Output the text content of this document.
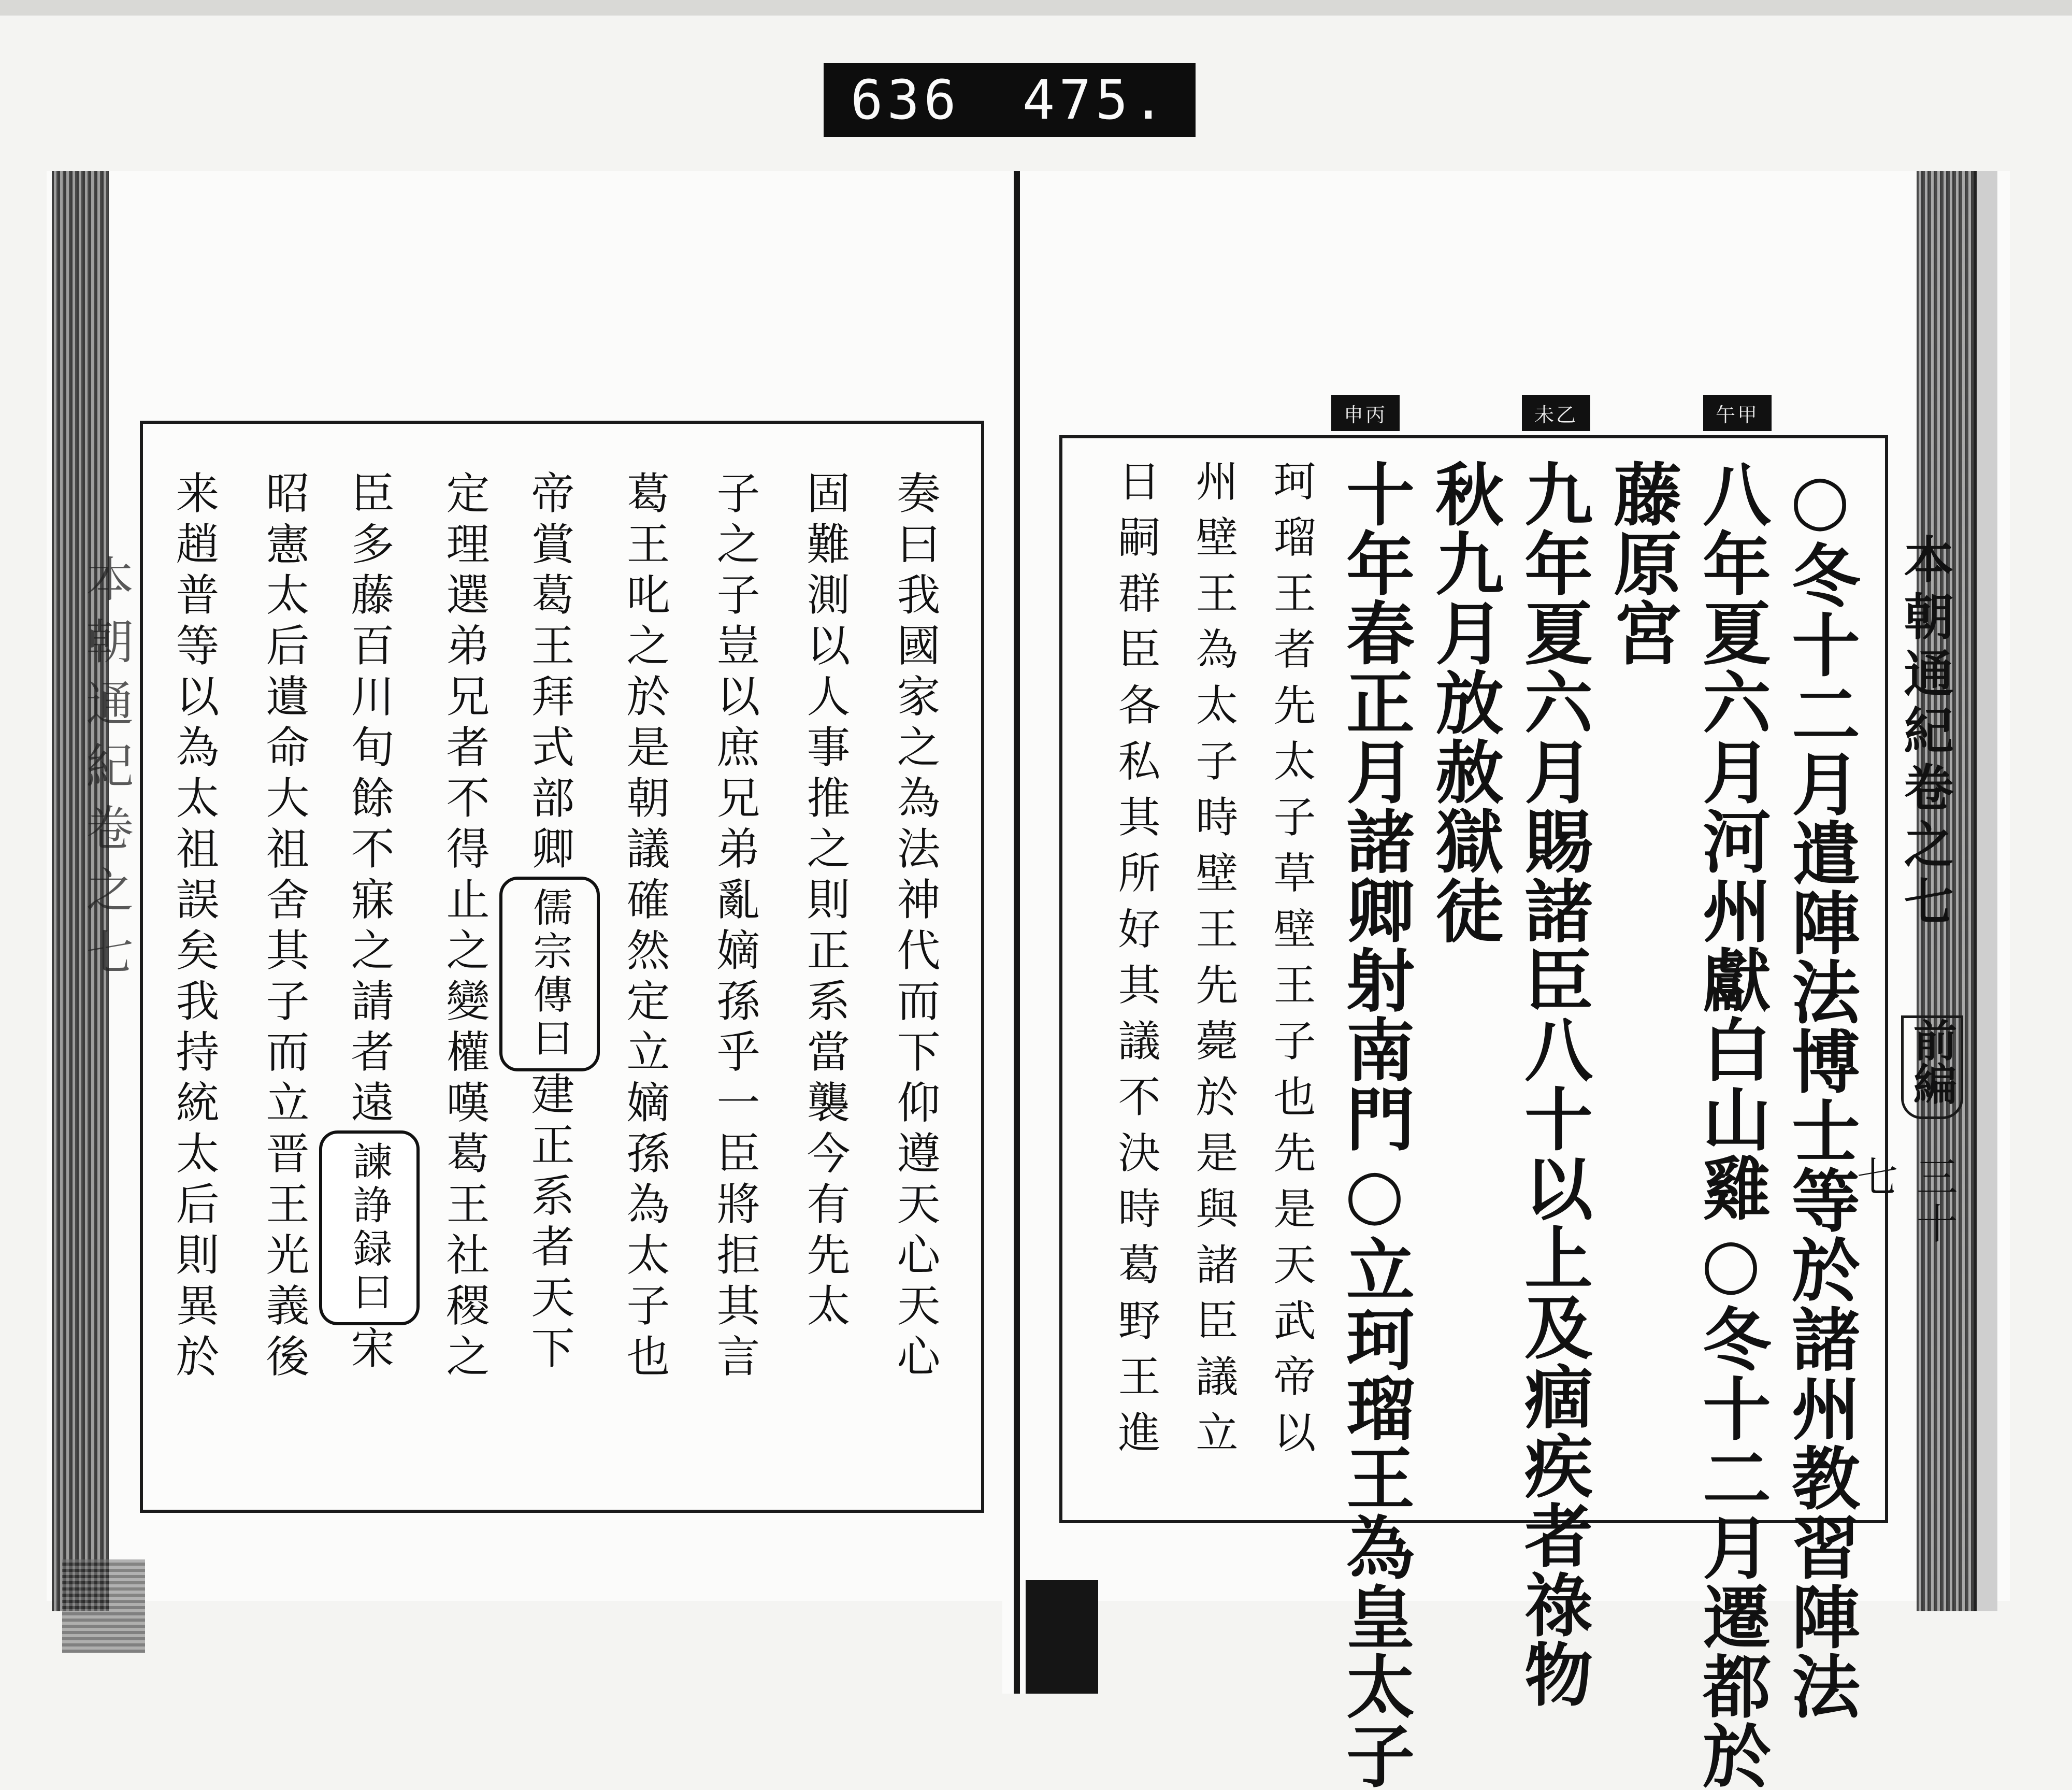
636 475.
本朝通紀卷之七	奏曰我國家之為法神代而下仰遵天心天心
固難測以人事推之則正系當襲今有先太
子之子豈以庶兄弟亂嫡孫乎一臣將拒其言
葛王叱之於是朝議確然定立嫡孫為太子也
帝賞葛王拜式部卿儒宗傳曰建正系者天下
定理選弟兄者不得止之變權嘆葛王社稷之
臣多藤百川旬餘不寐之請者遠諫諍録曰宋
昭憲太后遺命大祖舍其子而立晋王光義後
来趙普等以為太祖誤矣我持統太后則異於
申丙	未乙	午甲
○冬十二月遣陣法博士等於諸州教習陣法
八年夏六月河州獻白山雞○冬十二月遷都於
藤原宮
九年夏六月賜諸臣八十以上及痼疾者祿物
秋九月放赦獄徒
十年春正月諸卿射南門○立珂瑠王為皇太子
珂瑠王者先太子草壁王子也先是天武帝以
州壁王為太子時壁王先薨於是與諸臣議立
日嗣群臣各私其所好其議不決時葛野王進	本朝通紀卷之七
前編
三十七
